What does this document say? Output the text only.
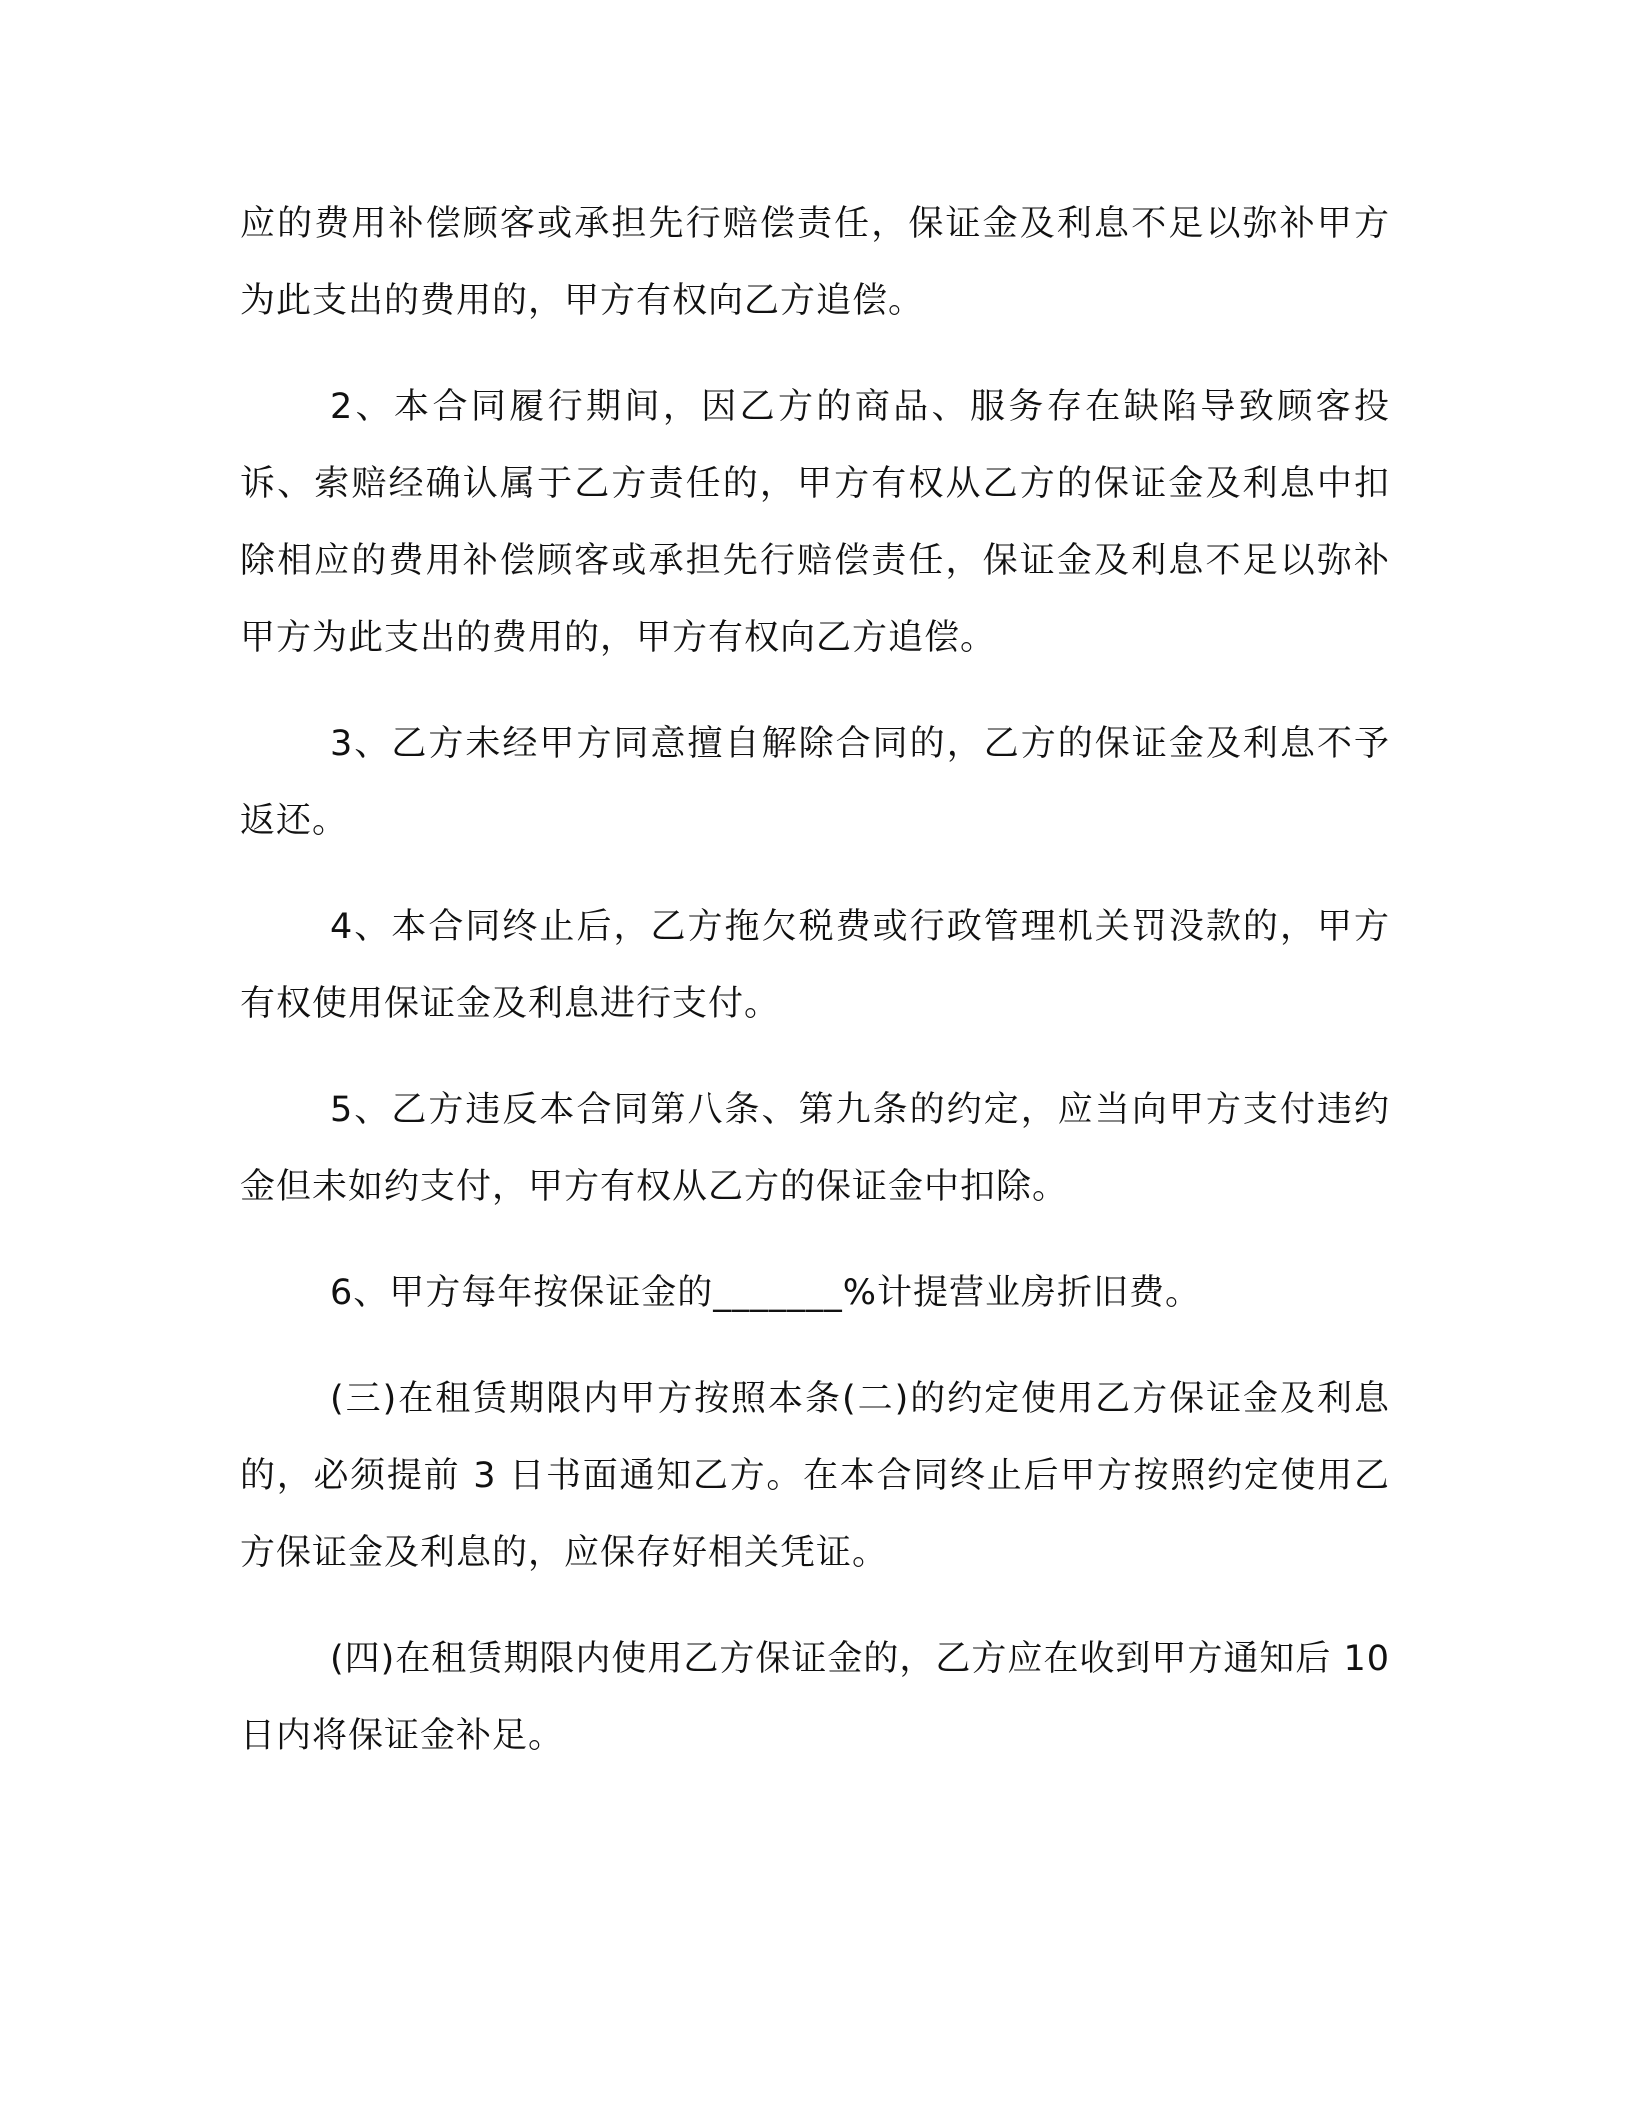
应的费用补偿顾客或承担先行赔偿责任，保证金及利息不足以弥补甲方为此支出的费用的，甲方有权向乙方追偿。

2、本合同履行期间，因乙方的商品、服务存在缺陷导致顾客投诉、索赔经确认属于乙方责任的，甲方有权从乙方的保证金及利息中扣除相应的费用补偿顾客或承担先行赔偿责任，保证金及利息不足以弥补甲方为此支出的费用的，甲方有权向乙方追偿。

3、乙方未经甲方同意擅自解除合同的，乙方的保证金及利息不予返还。

4、本合同终止后，乙方拖欠税费或行政管理机关罚没款的，甲方有权使用保证金及利息进行支付。

5、乙方违反本合同第八条、第九条的约定，应当向甲方支付违约金但未如约支付，甲方有权从乙方的保证金中扣除。

6、甲方每年按保证金的_______%计提营业房折旧费。

(三)在租赁期限内甲方按照本条(二)的约定使用乙方保证金及利息的，必须提前 3 日书面通知乙方。在本合同终止后甲方按照约定使用乙方保证金及利息的，应保存好相关凭证。

(四)在租赁期限内使用乙方保证金的，乙方应在收到甲方通知后 10 日内将保证金补足。
